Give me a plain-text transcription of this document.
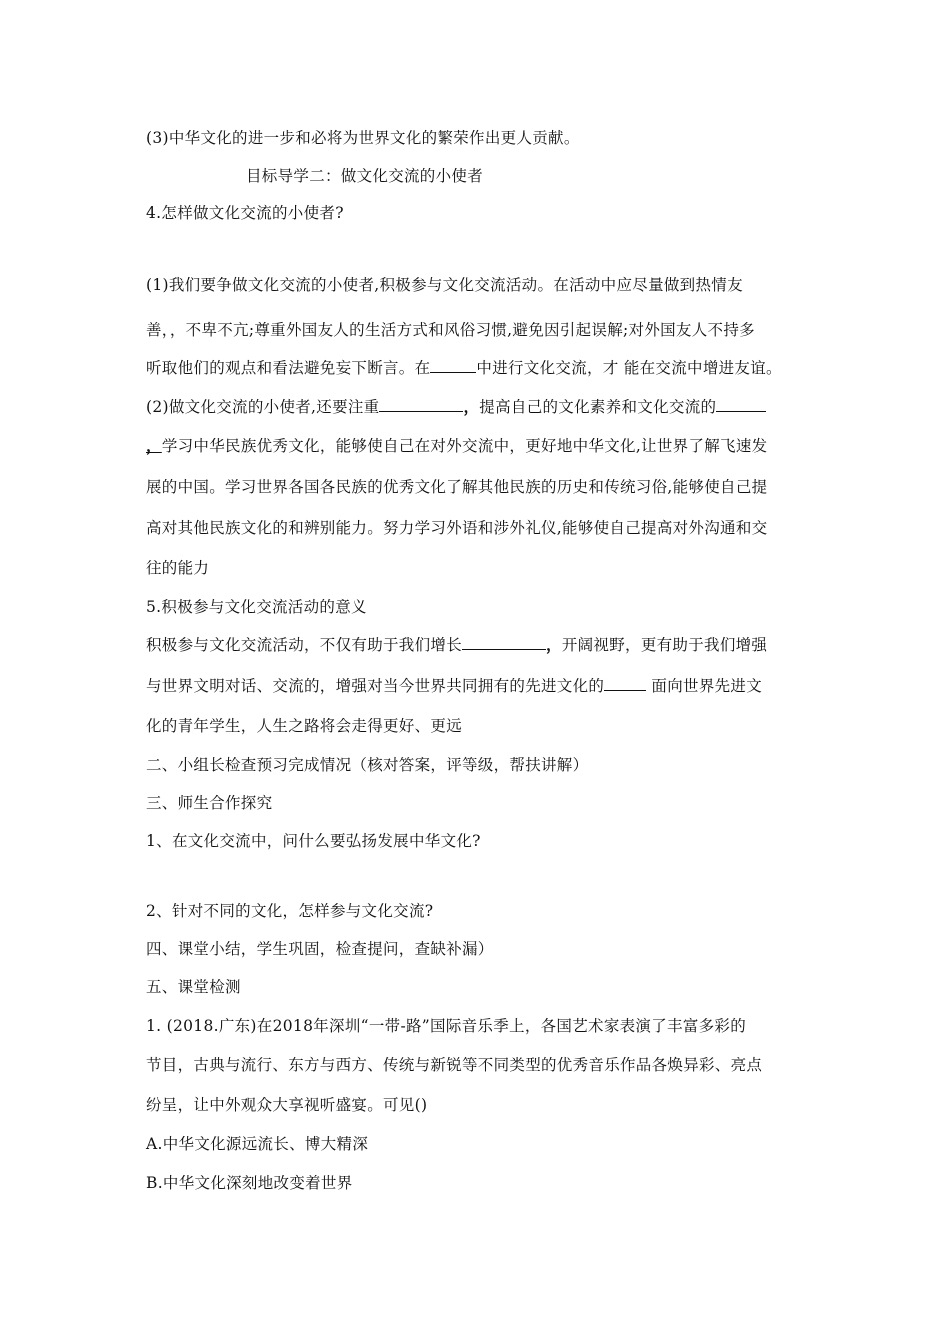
(3)中华文化的进一步和必将为世界文化的繁荣作出更人贡献。
目标导学二：做文化交流的小使者
4.怎样做文化交流的小使者?
(1)我们要争做文化交流的小使者,积极参与文化交流活动。在活动中应尽量做到热情友
善，，不卑不亢;尊重外国友人的生活方式和风俗习惯,避免因引起误解;对外国友人不持多
听取他们的观点和看法避免妄下断言。在	中进行文化交流，才 能在交流中增进友谊。
(2)做文化交流的小使者,还要注重	，提高自己的文化素养和文化交流的
，学习中华民族优秀文化，能够使自己在对外交流中，更好地中华文化,让世界了解飞速发
展的中国。学习世界各国各民族的优秀文化了解其他民族的历史和传统习俗,能够使自己提
高对其他民族文化的和辨别能力。努力学习外语和涉外礼仪,能够使自己提高对外沟通和交
往的能力
5.积极参与文化交流活动的意义
积极参与文化交流活动，不仅有助于我们增长	，开阔视野，更有助于我们增强
与世界文明对话、交流的，增强对当今世界共同拥有的先进文化的	面向世界先进文
化的青年学生，人生之路将会走得更好、更远
二、小组长检查预习完成情况（核对答案，评等级，帮扶讲解）
三、师生合作探究
1、在文化交流中，问什么要弘扬发展中华文化?
2、针对不同的文化，怎样参与文化交流?
四、课堂小结，学生巩固，检查提问，查缺补漏）
五、课堂检测
1. (2018.广东)在2018年深圳“一带-路”国际音乐季上，各国艺术家表演了丰富多彩的
节目，古典与流行、东方与西方、传统与新锐等不同类型的优秀音乐作品各焕异彩、亮点
纷呈，让中外观众大享视听盛宴。可见()
A.中华文化源远流长、博大精深
B.中华文化深刻地改变着世界
